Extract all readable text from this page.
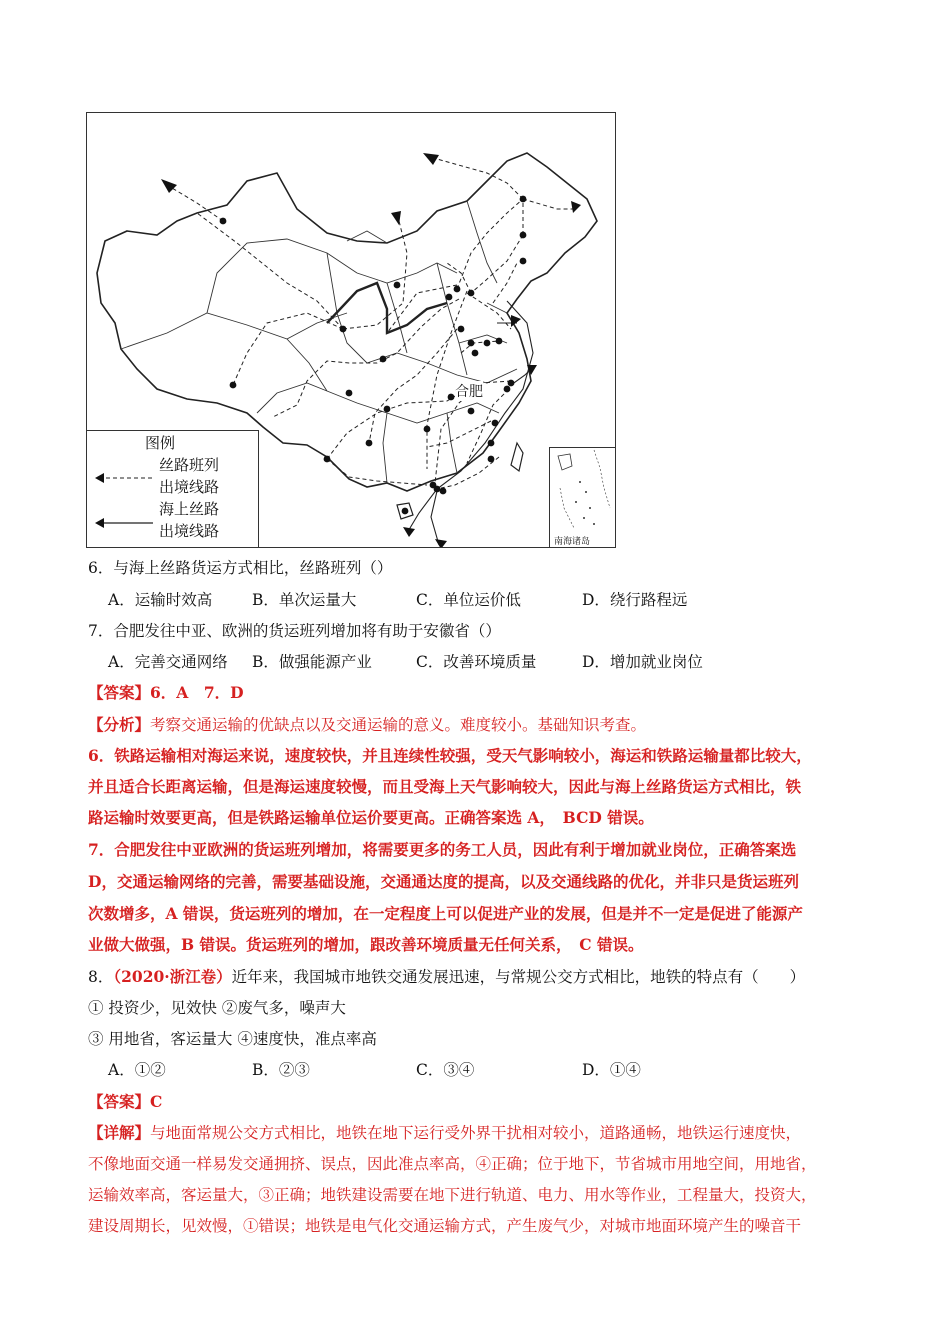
合肥
图例
丝路班列
出境线路
海上丝路
出境线路
南海诸岛
6．与海上丝路货运方式相比，丝路班列（）
A．运输时效高	B．单次运量大	C．单位运价低	D．绕行路程远
7．合肥发往中亚、欧洲的货运班列增加将有助于安徽省（）
A．完善交通网络 B．做强能源产业	C．改善环境质量	D．增加就业岗位
【答案】6．A　7．D
【分析】考察交通运输的优缺点以及交通运输的意义。难度较小。基础知识考查。
6．铁路运输相对海运来说，速度较快，并且连续性较强，受天气影响较小，海运和铁路运输量都比较大，
并且适合长距离运输，但是海运速度较慢，而且受海上天气影响较大，因此与海上丝路货运方式相比，铁
路运输时效要更高，但是铁路运输单位运价要更高。正确答案选 A，　BCD 错误。
7．合肥发往中亚欧洲的货运班列增加，将需要更多的务工人员，因此有利于增加就业岗位，正确答案选
D，交通运输网络的完善，需要基础设施，交通通达度的提高，以及交通线路的优化，并非只是货运班列
次数增多，A 错误，货运班列的增加，在一定程度上可以促进产业的发展，但是并不一定是促进了能源产
业做大做强，B 错误。货运班列的增加，跟改善环境质量无任何关系，　C 错误。
8．（2020·浙江卷）近年来，我国城市地铁交通发展迅速，与常规公交方式相比，地铁的特点有（　　）
① 投资少，见效快 ②废气多，噪声大
③ 用地省，客运量大 ④速度快，准点率高
A．①②	B．②③	C．③④	D．①④
【答案】C
【详解】与地面常规公交方式相比，地铁在地下运行受外界干扰相对较小，道路通畅，地铁运行速度快，
不像地面交通一样易发交通拥挤、误点，因此准点率高，④正确；位于地下，节省城市用地空间，用地省，
运输效率高，客运量大，③正确；地铁建设需要在地下进行轨道、电力、用水等作业，工程量大，投资大，
建设周期长，见效慢，①错误；地铁是电气化交通运输方式，产生废气少，对城市地面环境产生的噪音干
